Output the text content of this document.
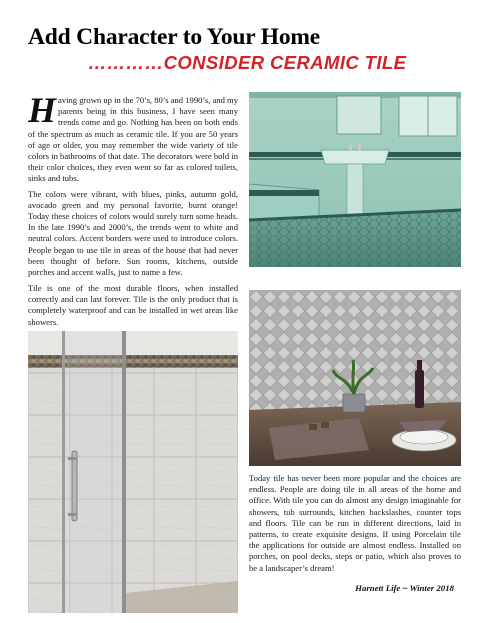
Add Character to Your Home
…………CONSIDER CERAMIC TILE
H aving grown up in the 70’s, 80’s and 1990’s, and my parents being in this business, I have seen many trends come and go. Nothing has been on both ends of the spectrum as much as ceramic tile. If you are 50 years of age or older, you may remember the wide variety of tile colors in bathrooms of that date. The decorators were bold in their color choices, they even went so far as colored toilets, sinks and tubs.

The colors were vibrant, with blues, pinks, autumn gold, avocado green and my personal favorite, burnt orange! Today these choices of colors would surely turn some heads. In the late 1990’s and 2000’s, the trends went to white and neutral colors. Accent borders were used to introduce colors. People began to use tile in areas of the house that had never been thought of before. Sun rooms, kitchens, outside porches and accent walls, just to name a few.

Tile is one of the most durable floors, when installed correctly and can last forever. Tile is the only product that is completely waterproof and can be installed in wet areas like showers.
Today tile has never been more popular and the choices are endless. People are doing tile in all areas of the home and office. With tile you can do almost any design imaginable for showers, tub surrounds, kitchen backslashes, counter tops and floors. Tile can be run in different directions, laid in patterns, to create exquisite designs. If using Porcelain tile the applications for outside are almost endless. Installed on porches, on pool decks, steps or patio, which also proves to be a landscaper’s dream!
Harnett Life ~ Winter 2018
